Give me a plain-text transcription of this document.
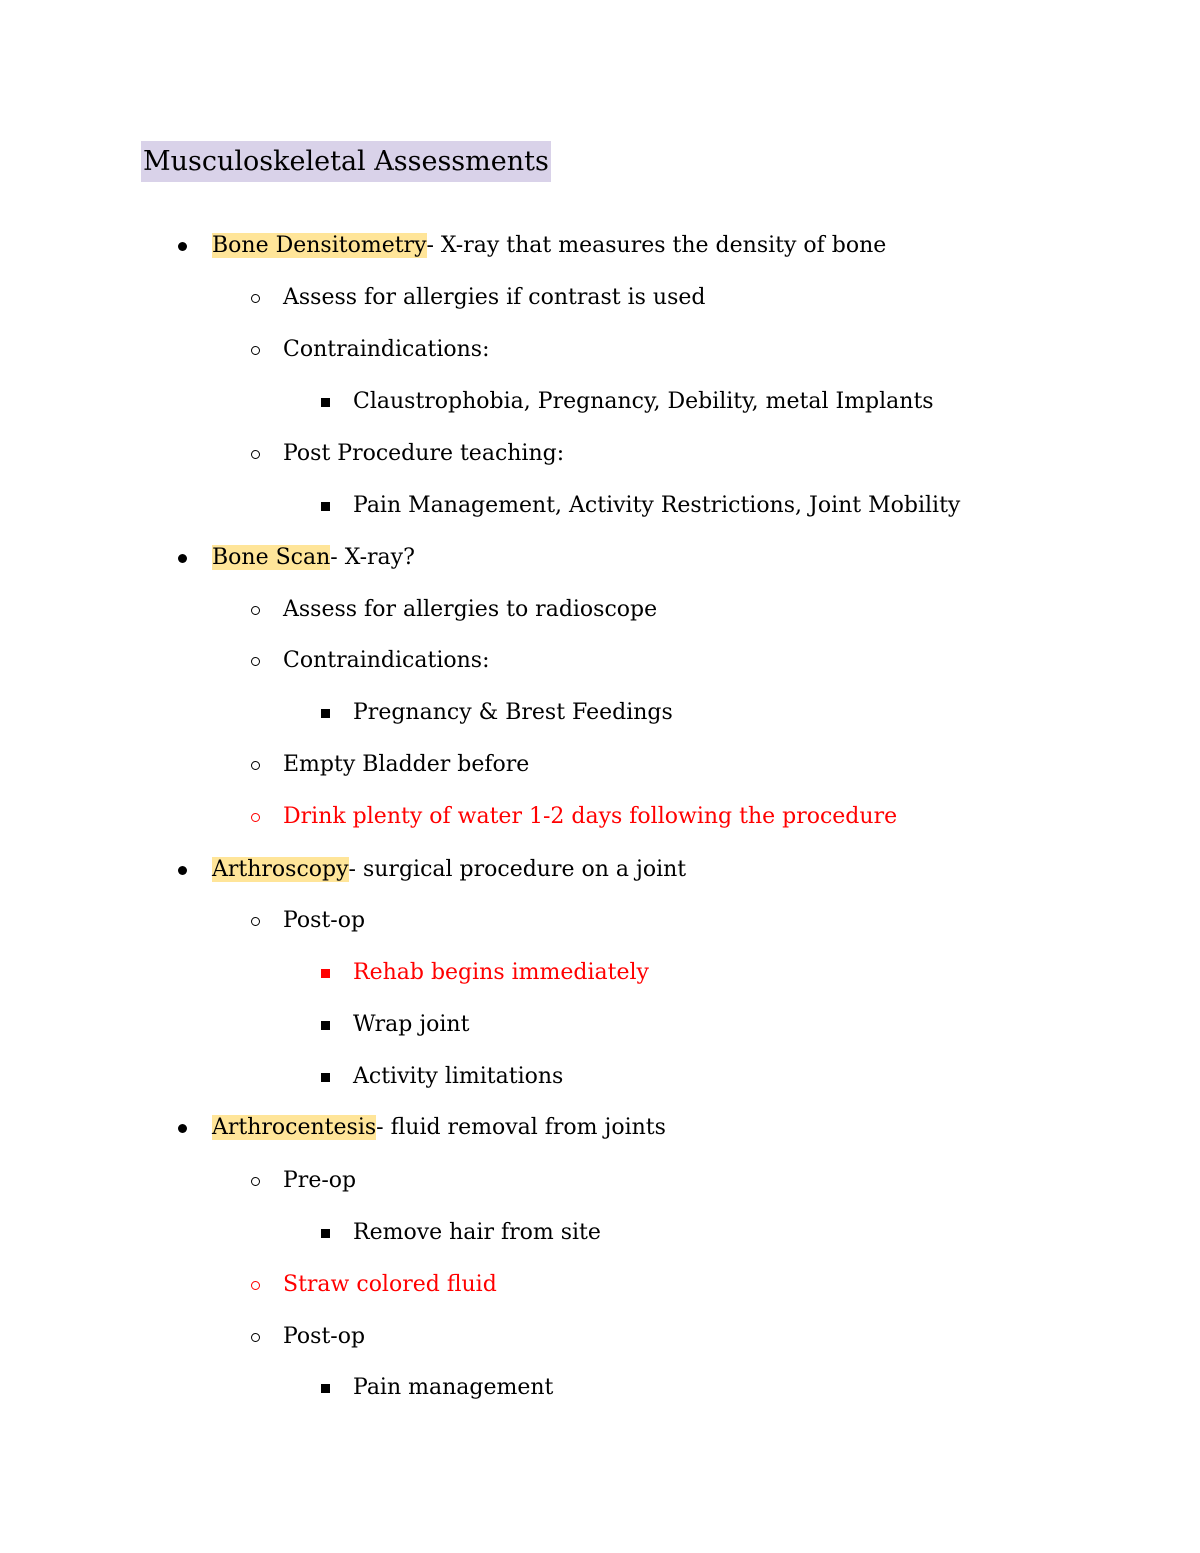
Musculoskeletal Assessments
Bone Densitometry- X-ray that measures the density of bone
Assess for allergies if contrast is used
Contraindications:
Claustrophobia, Pregnancy, Debility, metal Implants
Post Procedure teaching:
Pain Management, Activity Restrictions, Joint Mobility
Bone Scan- X-ray?
Assess for allergies to radioscope
Contraindications:
Pregnancy & Brest Feedings
Empty Bladder before
Drink plenty of water 1-2 days following the procedure
Arthroscopy- surgical procedure on a joint
Post-op
Rehab begins immediately
Wrap joint
Activity limitations
Arthrocentesis- fluid removal from joints
Pre-op
Remove hair from site
Straw colored fluid
Post-op
Pain management
